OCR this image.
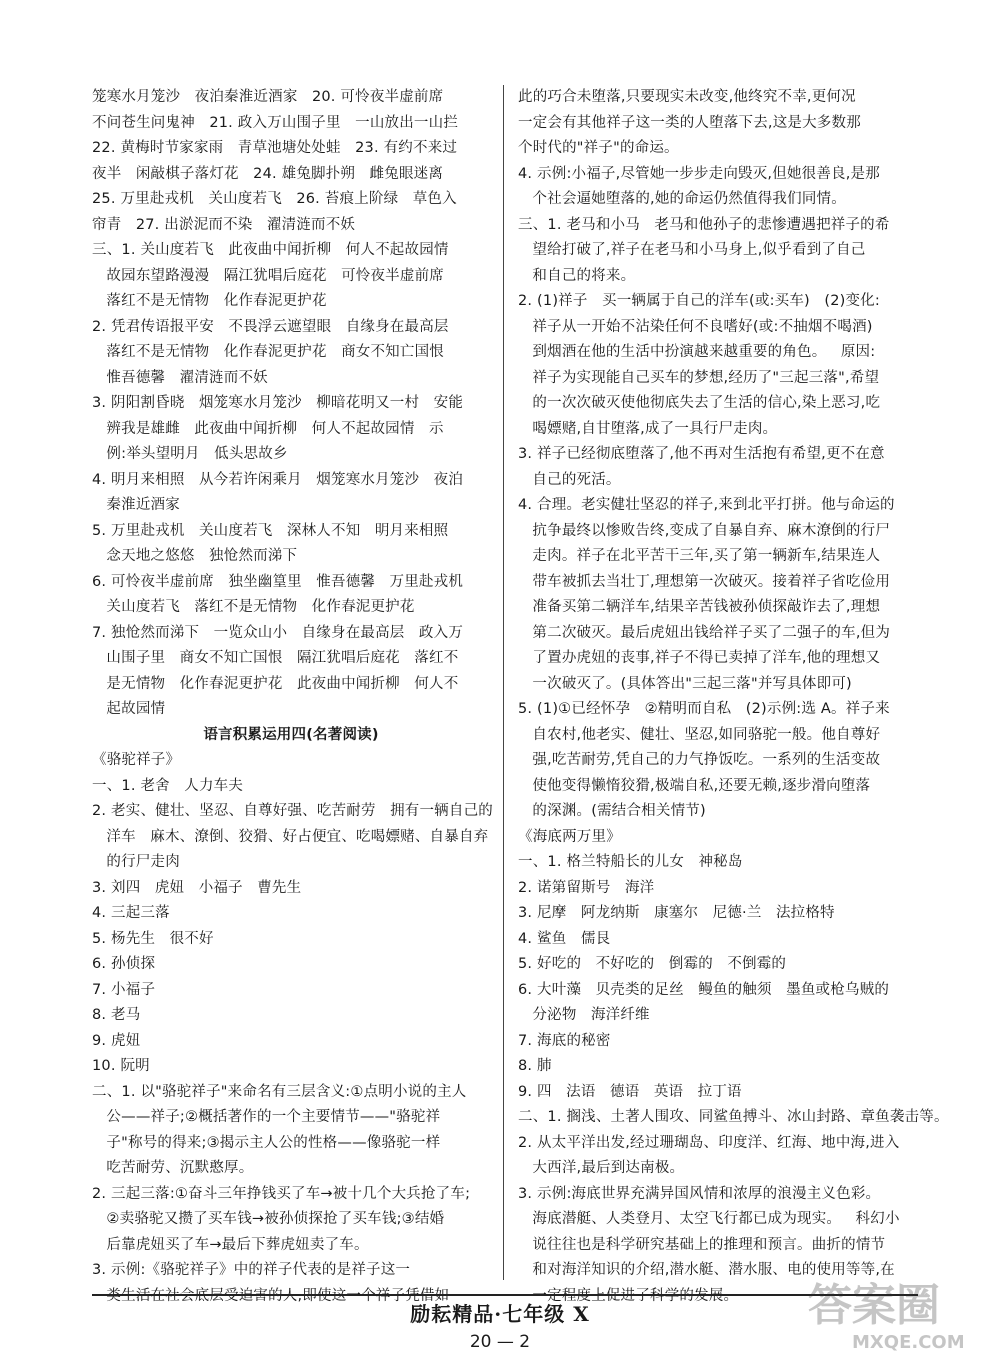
笼寒水月笼沙   夜泊秦淮近酒家   20. 可怜夜半虚前席
不问苍生问鬼神   21. 政入万山围子里   一山放出一山拦
22. 黄梅时节家家雨   青草池塘处处蛙   23. 有约不来过
夜半   闲敲棋子落灯花   24. 雄兔脚扑朔   雌兔眼迷离
25. 万里赴戎机   关山度若飞   26. 苔痕上阶绿   草色入
帘青   27. 出淤泥而不染   濯清涟而不妖
三、1. 关山度若飞   此夜曲中闻折柳   何人不起故园情
故园东望路漫漫   隔江犹唱后庭花   可怜夜半虚前席
落红不是无情物   化作春泥更护花
2. 凭君传语报平安   不畏浮云遮望眼   自缘身在最高层
落红不是无情物   化作春泥更护花   商女不知亡国恨
惟吾德馨   濯清涟而不妖
3. 阴阳割昏晓   烟笼寒水月笼沙   柳暗花明又一村   安能
辨我是雄雌   此夜曲中闻折柳   何人不起故园情   示
例:举头望明月   低头思故乡
4. 明月来相照   从今若许闲乘月   烟笼寒水月笼沙   夜泊
秦淮近酒家
5. 万里赴戎机   关山度若飞   深林人不知   明月来相照
念天地之悠悠   独怆然而涕下
6. 可怜夜半虚前席   独坐幽篁里   惟吾德馨   万里赴戎机
关山度若飞   落红不是无情物   化作春泥更护花
7. 独怆然而涕下   一览众山小   自缘身在最高层   政入万
山围子里   商女不知亡国恨   隔江犹唱后庭花   落红不
是无情物   化作春泥更护花   此夜曲中闻折柳   何人不
起故园情
语言积累运用四(名著阅读)
《骆驼祥子》
一、1. 老舍   人力车夫
2. 老实、健壮、坚忍、自尊好强、吃苦耐劳   拥有一辆自己的
洋车   麻木、潦倒、狡猾、好占便宜、吃喝嫖赌、自暴自弃
的行尸走肉
3. 刘四   虎妞   小福子   曹先生
4. 三起三落
5. 杨先生   很不好
6. 孙侦探
7. 小福子
8. 老马
9. 虎妞
10. 阮明
二、1. 以"骆驼祥子"来命名有三层含义:①点明小说的主人
公——祥子;②概括著作的一个主要情节——"骆驼祥
子"称号的得来;③揭示主人公的性格——像骆驼一样
吃苦耐劳、沉默憨厚。
2. 三起三落:①奋斗三年挣钱买了车→被十几个大兵抢了车;
②卖骆驼又攒了买车钱→被孙侦探抢了买车钱;③结婚
后靠虎妞买了车→最后下葬虎妞卖了车。
3. 示例:《骆驼祥子》中的祥子代表的是祥子这一
此的巧合未堕落,只要现实未改变,他终究不幸,更何况
一定会有其他祥子这一类的人堕落下去,这是大多数那
个时代的"祥子"的命运。
4. 示例:小福子,尽管她一步步走向毁灭,但她很善良,是那
个社会逼她堕落的,她的命运仍然值得我们同情。
三、1. 老马和小马   老马和他孙子的悲惨遭遇把祥子的希
望给打破了,祥子在老马和小马身上,似乎看到了自己
和自己的将来。
2. (1)祥子   买一辆属于自己的洋车(或:买车)   (2)变化:
祥子从一开始不沾染任何不良嗜好(或:不抽烟不喝酒)
到烟酒在他的生活中扮演越来越重要的角色。   原因:
祥子为实现能自己买车的梦想,经历了"三起三落",希望
的一次次破灭使他彻底失去了生活的信心,染上恶习,吃
喝嫖赌,自甘堕落,成了一具行尸走肉。
3. 祥子已经彻底堕落了,他不再对生活抱有希望,更不在意
自己的死活。
4. 合理。老实健壮坚忍的祥子,来到北平打拼。他与命运的
抗争最终以惨败告终,变成了自暴自弃、麻木潦倒的行尸
走肉。祥子在北平苦干三年,买了第一辆新车,结果连人
带车被抓去当壮丁,理想第一次破灭。接着祥子省吃俭用
准备买第二辆洋车,结果辛苦钱被孙侦探敲诈去了,理想
第二次破灭。最后虎妞出钱给祥子买了二强子的车,但为
了置办虎妞的丧事,祥子不得已卖掉了洋车,他的理想又
一次破灭了。(具体答出"三起三落"并写具体即可)
5. (1)①已经怀孕   ②精明而自私   (2)示例:选 A。祥子来
自农村,他老实、健壮、坚忍,如同骆驼一般。他自尊好
强,吃苦耐劳,凭自己的力气挣饭吃。一系列的生活变故
使他变得懒惰狡猾,极端自私,还要无赖,逐步滑向堕落
的深渊。(需结合相关情节)
《海底两万里》
一、1. 格兰特船长的儿女   神秘岛
2. 诺第留斯号   海洋
3. 尼摩   阿龙纳斯   康塞尔   尼德·兰   法拉格特
4. 鲨鱼   儒艮
5. 好吃的   不好吃的   倒霉的   不倒霉的
6. 大叶藻   贝壳类的足丝   鳗鱼的触须   墨鱼或枪乌贼的
分泌物   海洋纤维
7. 海底的秘密
8. 肺
9. 四   法语   德语   英语   拉丁语
二、1. 搁浅、土著人围攻、同鲨鱼搏斗、冰山封路、章鱼袭击等。
2. 从太平洋出发,经过珊瑚岛、印度洋、红海、地中海,进入
大西洋,最后到达南极。
3. 示例:海底世界充满异国风情和浓厚的浪漫主义色彩。
海底潜艇、人类登月、太空飞行都已成为现实。   科幻小
说往往也是科学研究基础上的推理和预言。曲折的情节
和对海洋知识的介绍,潜水艇、潜水服、电的使用等等,在
励耘精品·七年级 X
20 — 2
答案圈
MXQE.COM
